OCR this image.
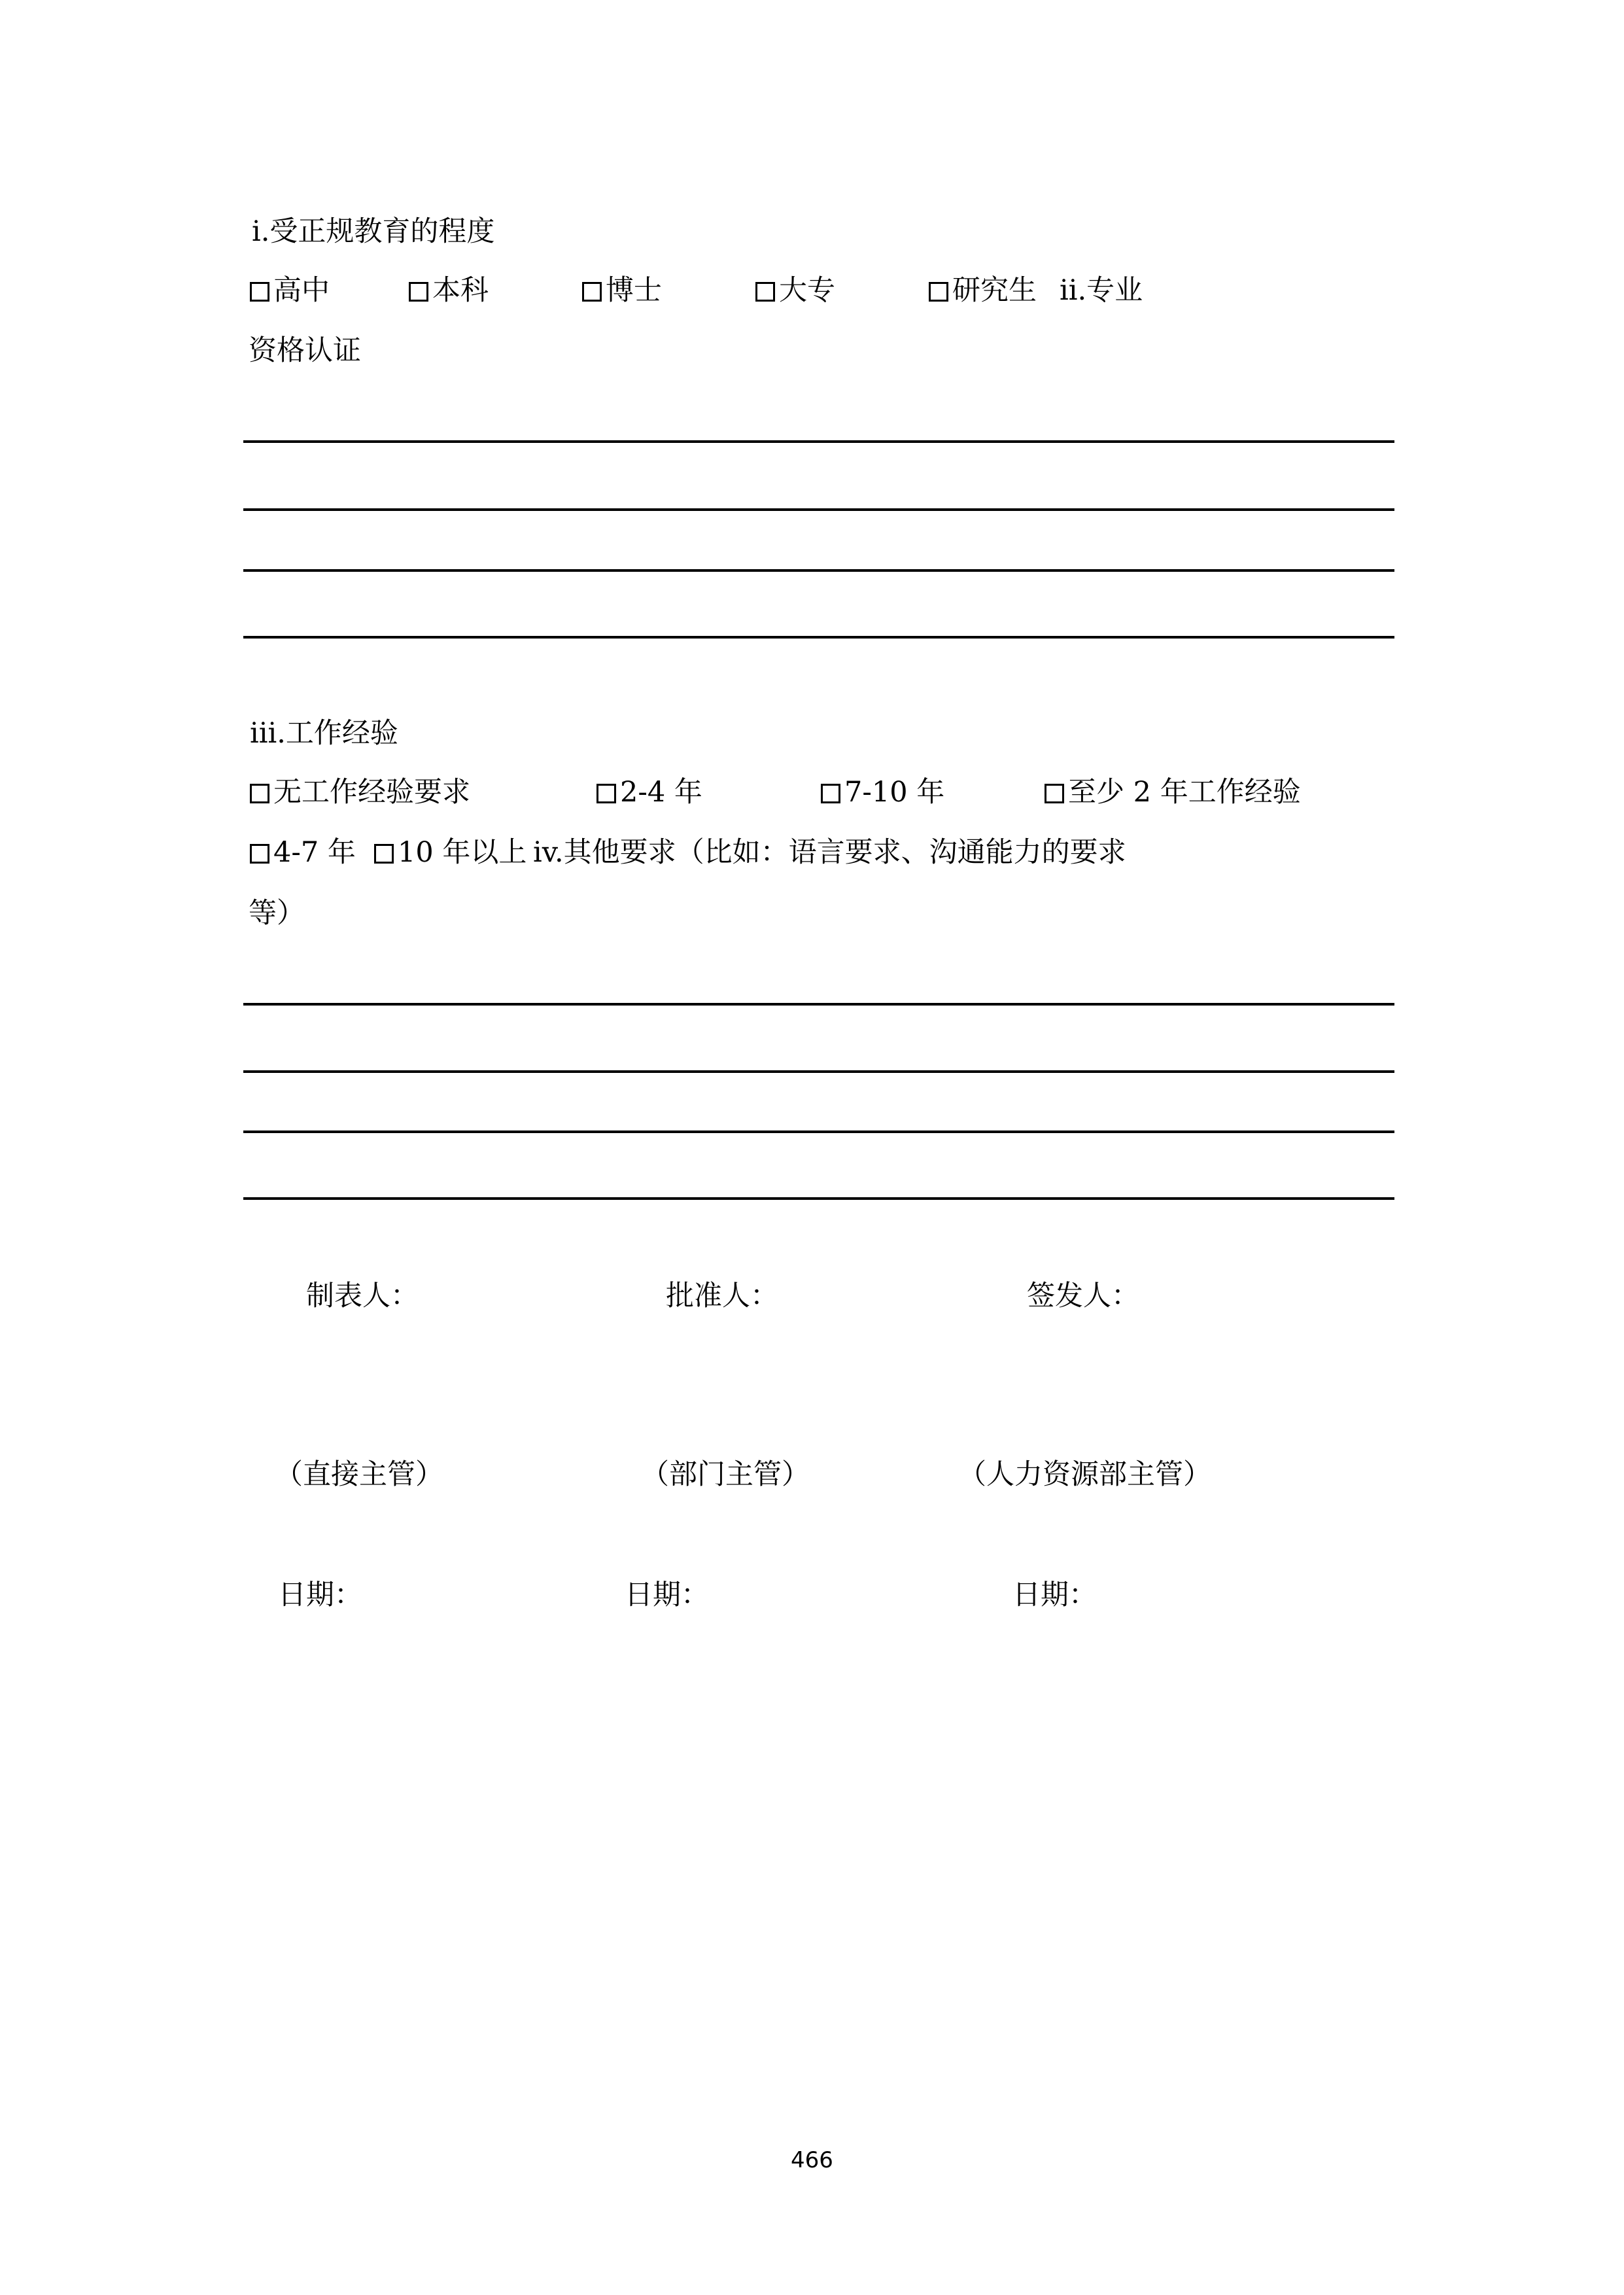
i.受正规教育的程度
高中	本科	博士	大专	研究生 ii.专业
资格认证
iii.工作经验
无工作经验要求	2-4 年	7-10 年	至少 2 年工作经验
4-7 年	10 年以上 iv.其他要求（比如：语言要求、沟通能力的要求
等）
制表人：	批准人：	签发人：
（直接主管）	（部门主管）	（人力资源部主管）
日期：	日期：	日期：
466
